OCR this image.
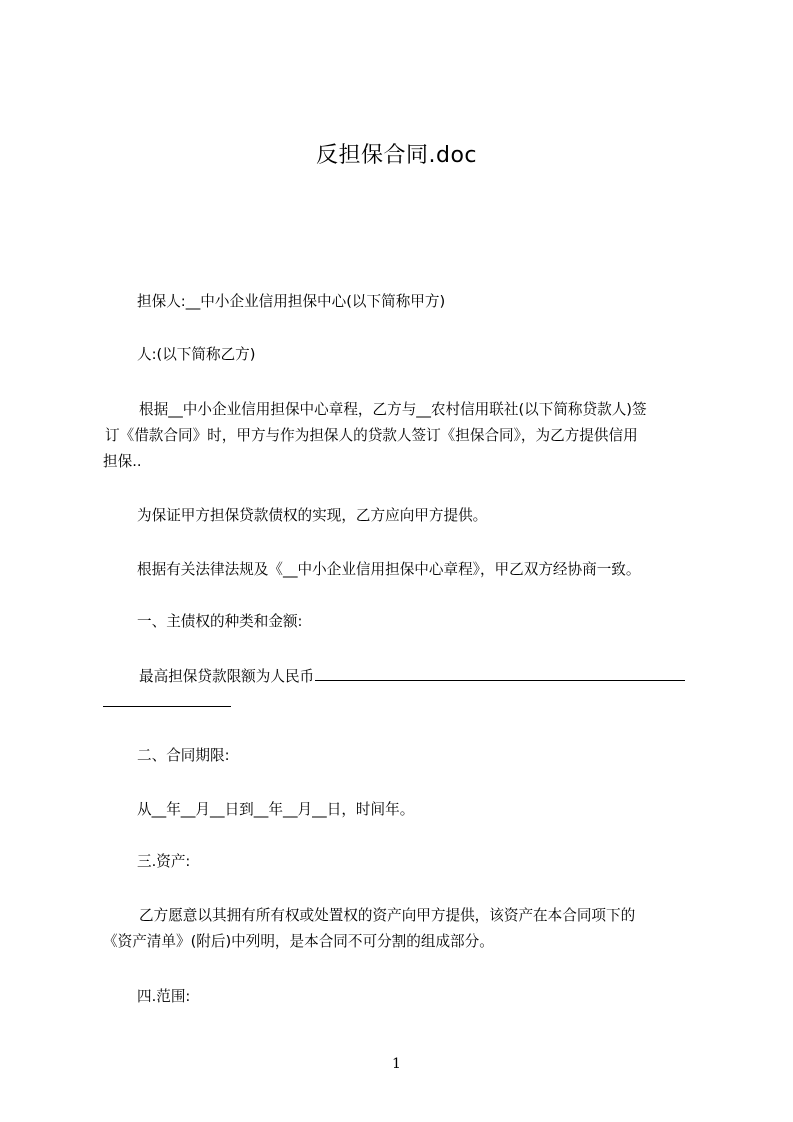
反担保合同.doc
担保人:__中小企业信用担保中心(以下简称甲方)
人:(以下简称乙方)
根据__中小企业信用担保中心章程，乙方与__农村信用联社(以下简称贷款人)签
订《借款合同》时，甲方与作为担保人的贷款人签订《担保合同》，为乙方提供信用
担保..
为保证甲方担保贷款债权的实现，乙方应向甲方提供。
根据有关法律法规及《__中小企业信用担保中心章程》，甲乙双方经协商一致。
一、主债权的种类和金额:
最高担保贷款限额为人民币
二、合同期限:
从__年__月__日到__年__月__日，时间年。
三.资产:
乙方愿意以其拥有所有权或处置权的资产向甲方提供，该资产在本合同项下的
《资产清单》(附后)中列明，是本合同不可分割的组成部分。
四.范围:
1
